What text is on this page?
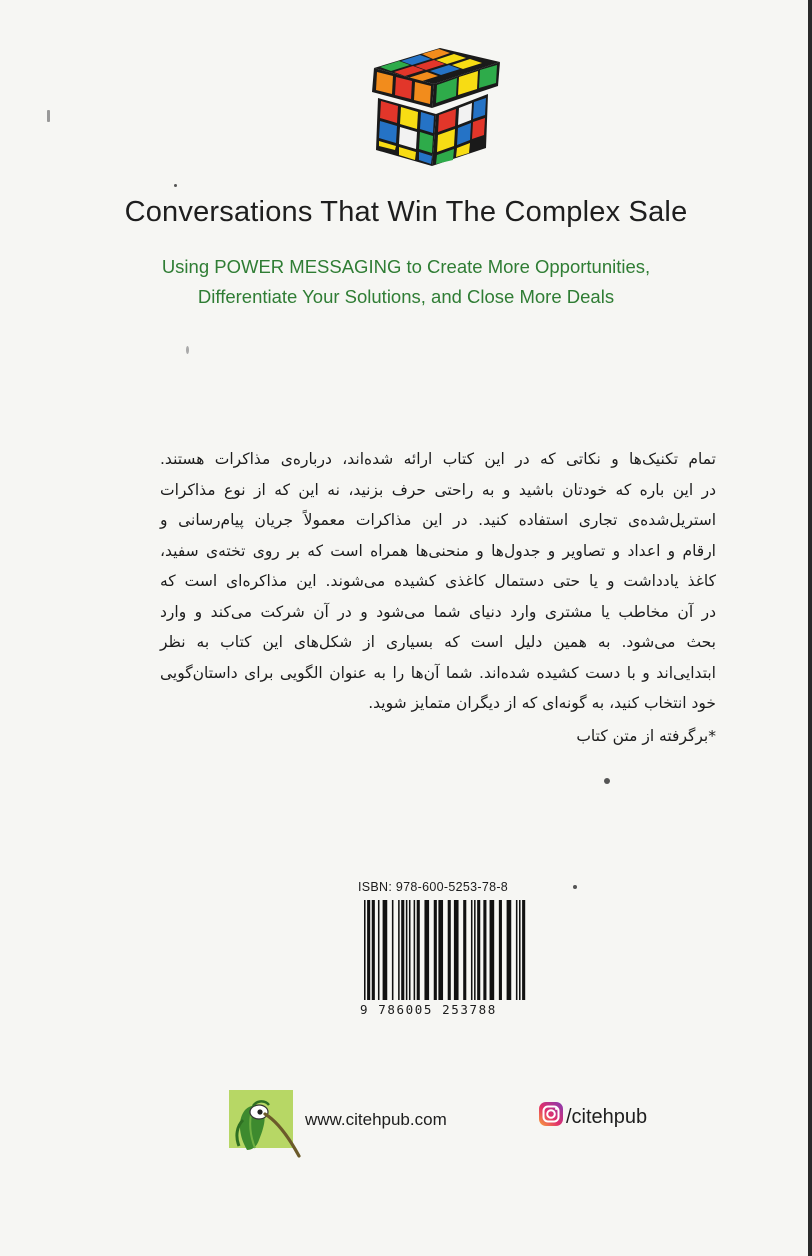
Conversations That Win The Complex Sale
Using POWER MESSAGING to Create More Opportunities,
Differentiate Your Solutions, and Close More Deals
تمام تکنیک‌ها و نکاتی که در این کتاب ارائه شده‌اند، درباره‌ی مذاکرات هستند.
در این باره که خودتان باشید و به راحتی حرف بزنید، نه این که از نوع مذاکرات
استریل‌شده‌ی تجاری استفاده کنید. در این مذاکرات معمولاً جریان پیام‌رسانی و
ارقام و اعداد و تصاویر و جدول‌ها و منحنی‌ها همراه است که بر روی تخته‌ی سفید،
کاغذ یادداشت و یا حتی دستمال کاغذی کشیده می‌شوند. این مذاکره‌ای است که
در آن مخاطب یا مشتری وارد دنیای شما می‌شود و در آن شرکت می‌کند و وارد
بحث می‌شود. به همین دلیل است که بسیاری از شکل‌های این کتاب به نظر
ابتدایی‌اند و با دست کشیده شده‌اند. شما آن‌ها را به عنوان الگویی برای داستان‌گویی
خود انتخاب کنید، به گونه‌ای که از دیگران متمایز شوید.
*برگرفته از متن کتاب
ISBN: 978-600-5253-78-8
9 786005 253788
www.citehpub.com	/citehpub
